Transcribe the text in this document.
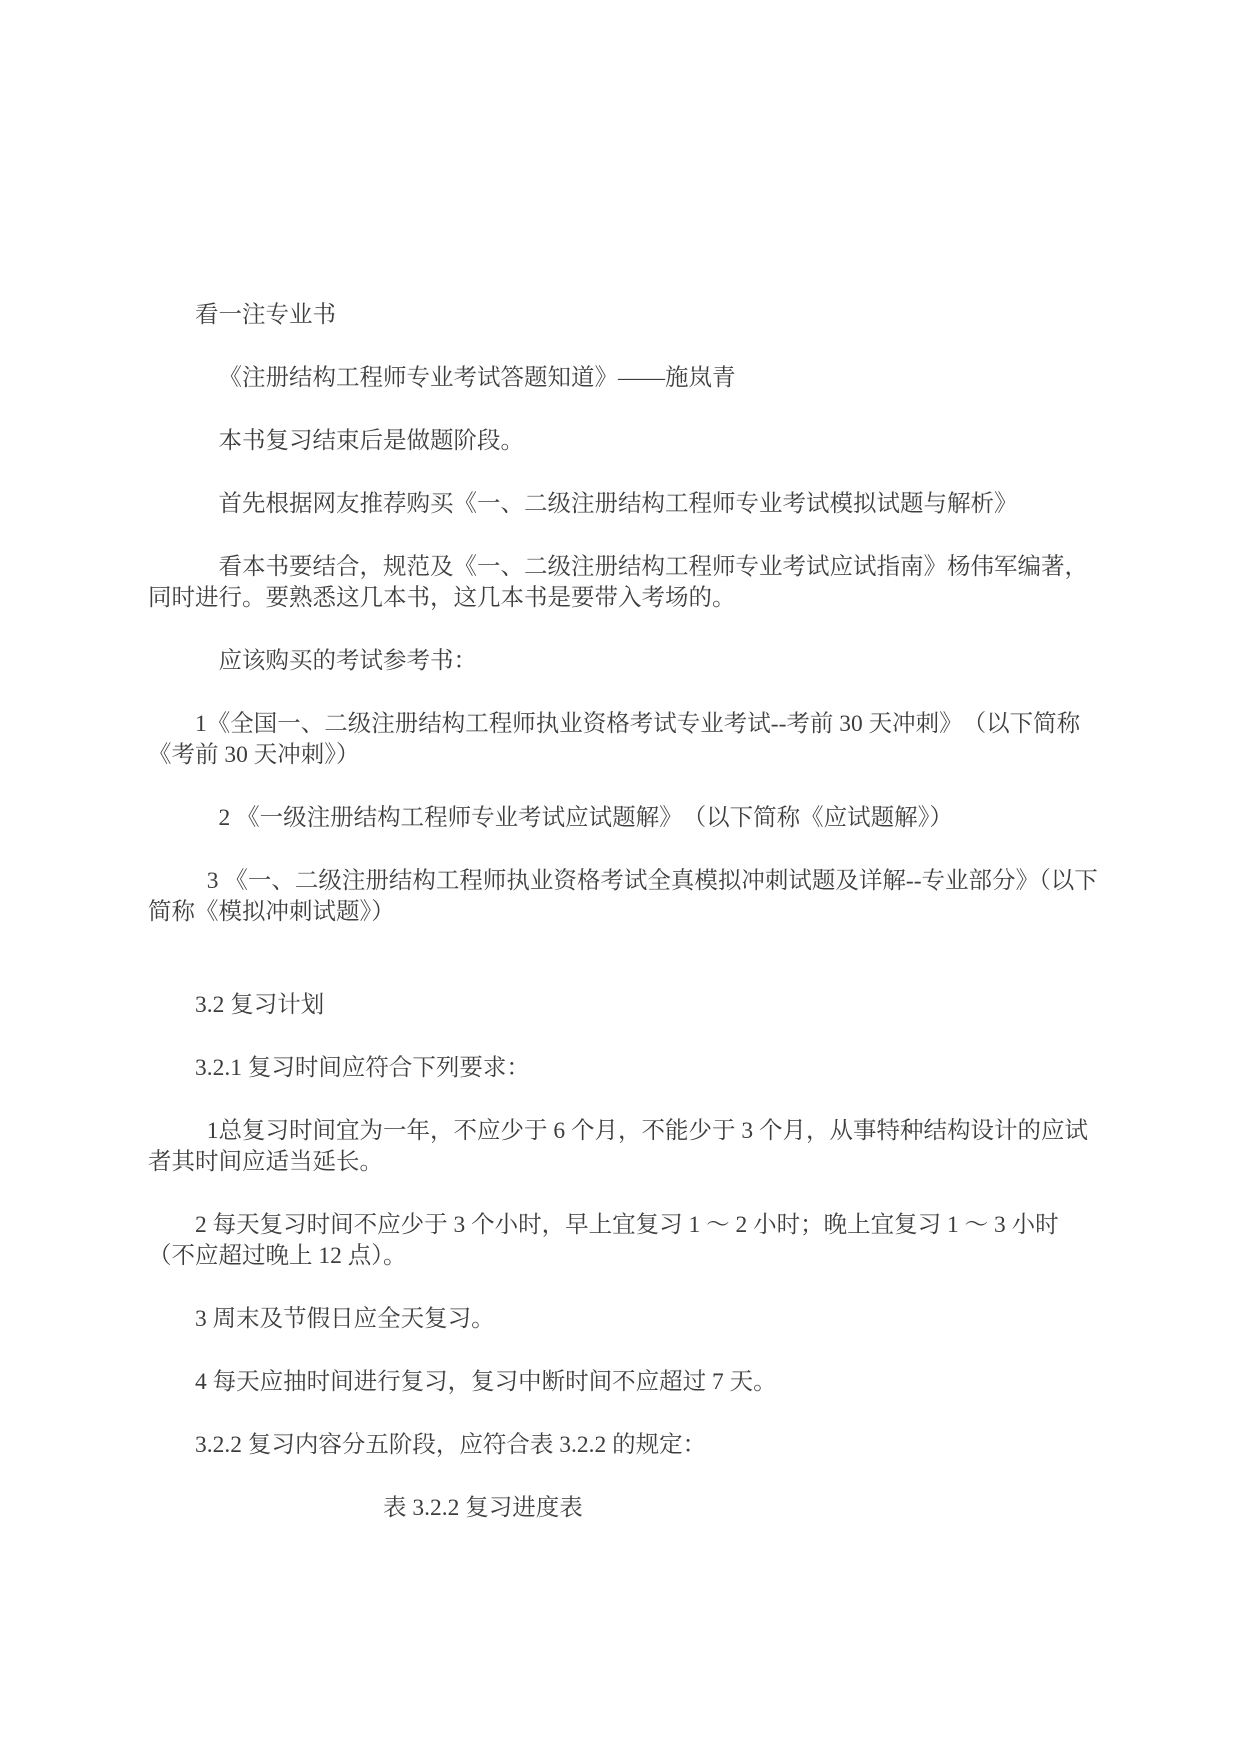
看一注专业书

《注册结构工程师专业考试答题知道》——施岚青

本书复习结束后是做题阶段。

首先根据网友推荐购买《一、二级注册结构工程师专业考试模拟试题与解析》

看本书要结合，规范及《一、二级注册结构工程师专业考试应试指南》杨伟军编著，同时进行。要熟悉这几本书，这几本书是要带入考场的。

应该购买的考试参考书：

1《全国一、二级注册结构工程师执业资格考试专业考试--考前 30 天冲刺》　（以下简称《考前 30 天冲刺》）

2 《一级注册结构工程师专业考试应试题解》　（以下简称《应试题解》）

3 《一、二级注册结构工程师执业资格考试全真模拟冲刺试题及详解--专业部分》（以下简称《模拟冲刺试题》）

3.2 复习计划

3.2.1 复习时间应符合下列要求：

1总复习时间宜为一年，不应少于 6 个月，不能少于 3 个月，从事特种结构设计的应试者其时间应适当延长。

2 每天复习时间不应少于 3 个小时，早上宜复习 1 ～ 2 小时；晚上宜复习 1 ～ 3 小时（不应超过晚上 12 点）。

3 周末及节假日应全天复习。

4 每天应抽时间进行复习，复习中断时间不应超过 7 天。

3.2.2 复习内容分五阶段，应符合表 3.2.2 的规定：

表 3.2.2 复习进度表
